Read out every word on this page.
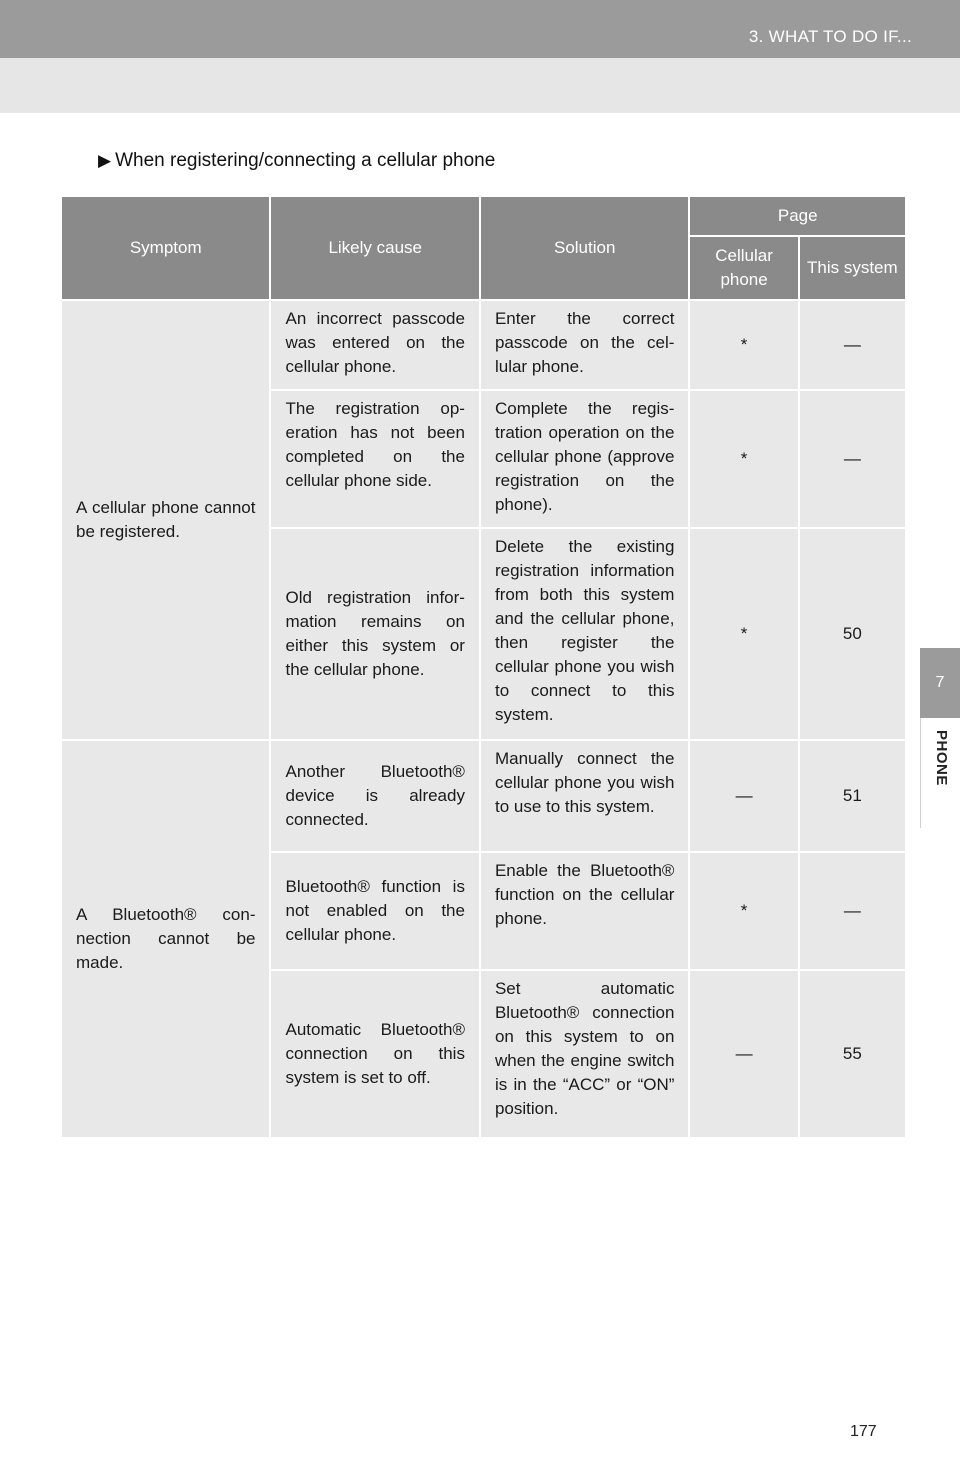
3. WHAT TO DO IF...
7
PHONE
▶ When registering/connecting a cellular phone
Symptom	Likely cause	Solution	Page	
			Cellular phone	This system
A cellular phone cannot be registered.	An incorrect passcode was entered on the cellular phone.	Enter the correct passcode on the cellular phone.	*	—
	The registration operation has not been completed on the cellular phone side.	Complete the registration operation on the cellular phone (approve registration on the phone).	*	—
	Old registration information remains on either this system or the cellular phone.	Delete the existing registration information from both this system and the cellular phone, then register the cellular phone you wish to connect to this system.	*	50
A Bluetooth® connection cannot be made.	Another Bluetooth® device is already connected.	Manually connect the cellular phone you wish to use to this system.	—	51
	Bluetooth® function is not enabled on the cellular phone.	Enable the Bluetooth® function on the cellular phone.	*	—
	Automatic Bluetooth® connection on this system is set to off.	Set automatic Bluetooth® connection on this system to on when the engine switch is in the “ACC” or “ON” position.	—	55
177
